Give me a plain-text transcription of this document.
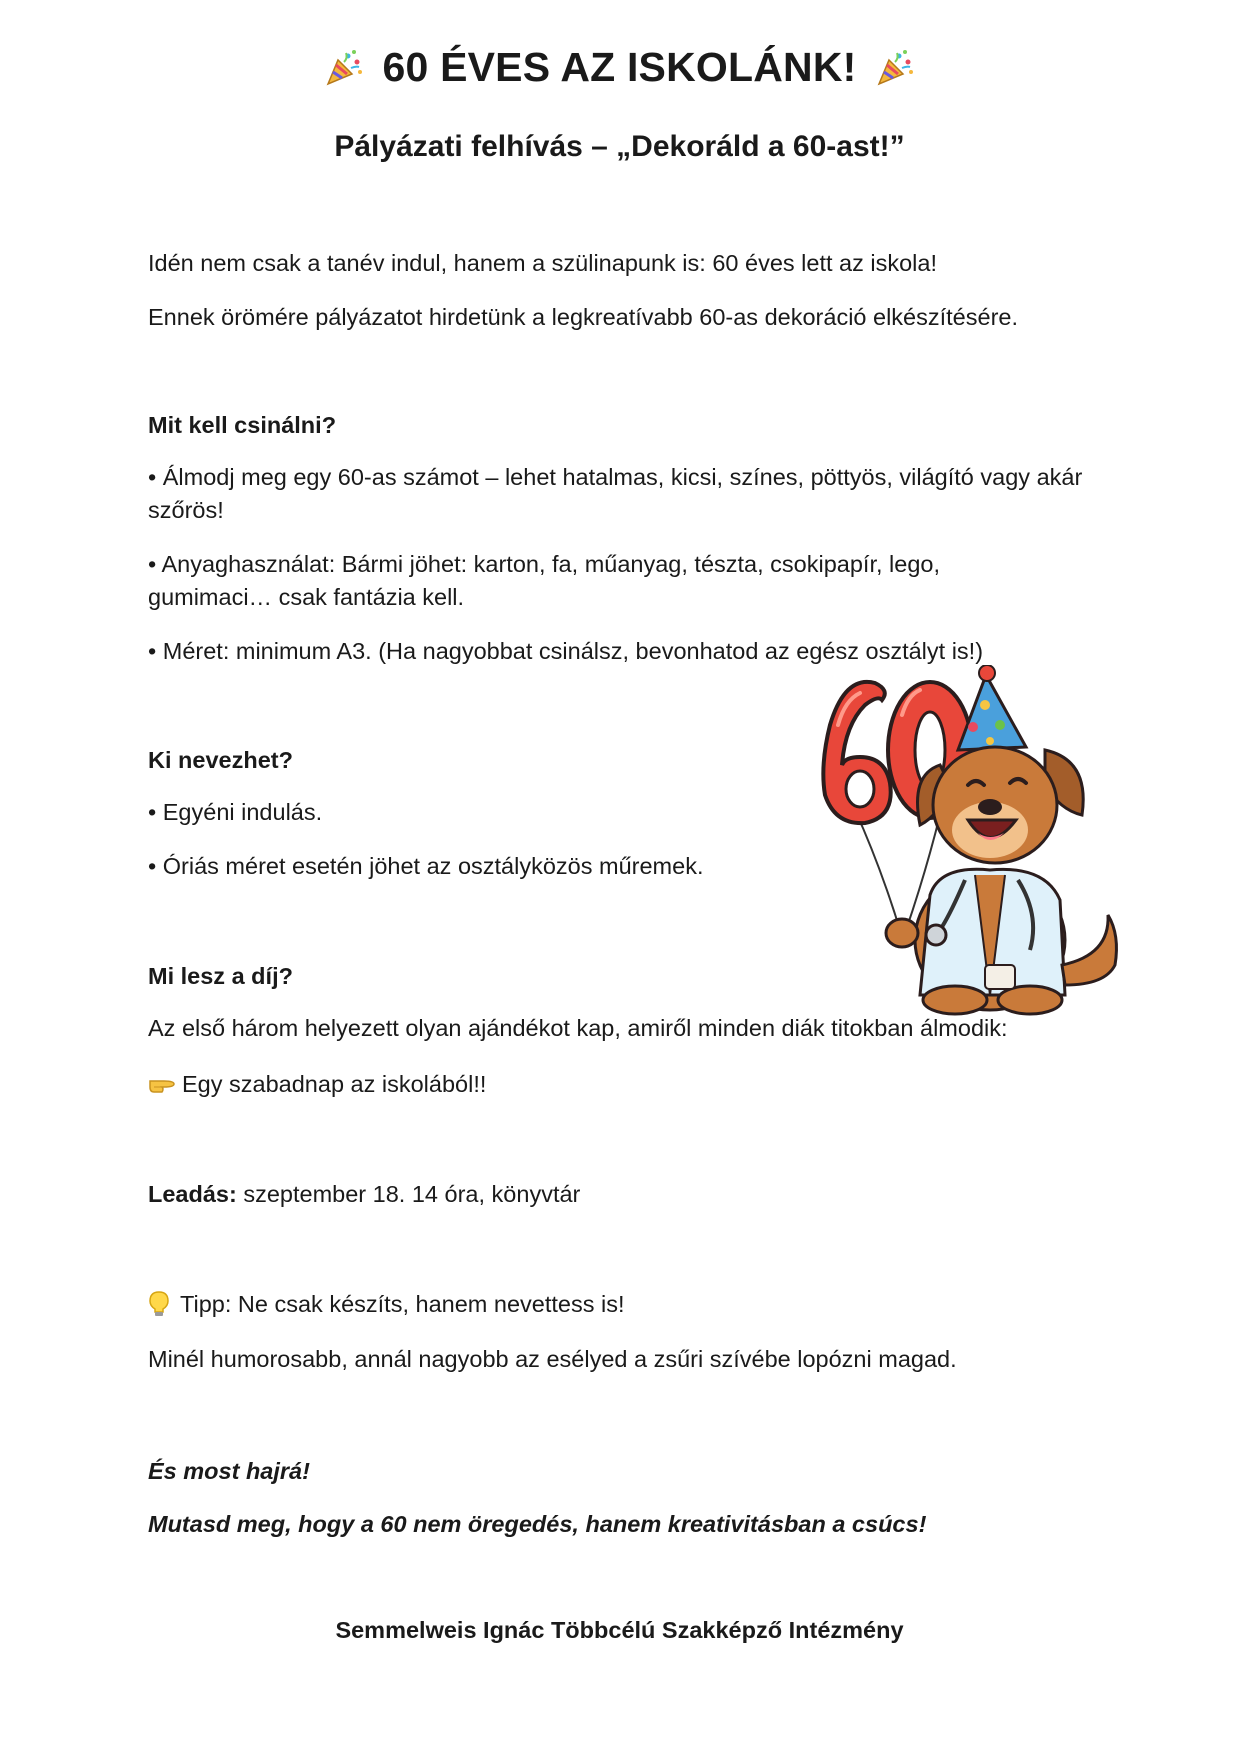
60 ÉVES AZ ISKOLÁNK!
Pályázati felhívás – „Dekoráld a 60-ast!”
Idén nem csak a tanév indul, hanem a szülinapunk is: 60 éves lett az iskola!
Ennek örömére pályázatot hirdetünk a legkreatívabb 60-as dekoráció elkészítésére.
Mit kell csinálni?
• Álmodj meg egy 60-as számot – lehet hatalmas, kicsi, színes, pöttyös, világító vagy akár szőrös!
• Anyaghasználat: Bármi jöhet: karton, fa, műanyag, tészta, csokipapír, lego, gumimaci… csak fantázia kell.
• Méret: minimum A3. (Ha nagyobbat csinálsz, bevonhatod az egész osztályt is!)
Ki nevezhet?
• Egyéni indulás.
• Óriás méret esetén jöhet az osztályközös műremek.
Mi lesz a díj?
Az első három helyezett olyan ajándékot kap, amiről minden diák titokban álmodik:
Egy szabadnap az iskolából!!
Leadás: szeptember 18. 14 óra, könyvtár
Tipp: Ne csak készíts, hanem nevettess is!
Minél humorosabb, annál nagyobb az esélyed a zsűri szívébe lopózni magad.
És most hajrá!
Mutasd meg, hogy a 60 nem öregedés, hanem kreativitásban a csúcs!
Semmelweis Ignác Többcélú Szakképző Intézmény
